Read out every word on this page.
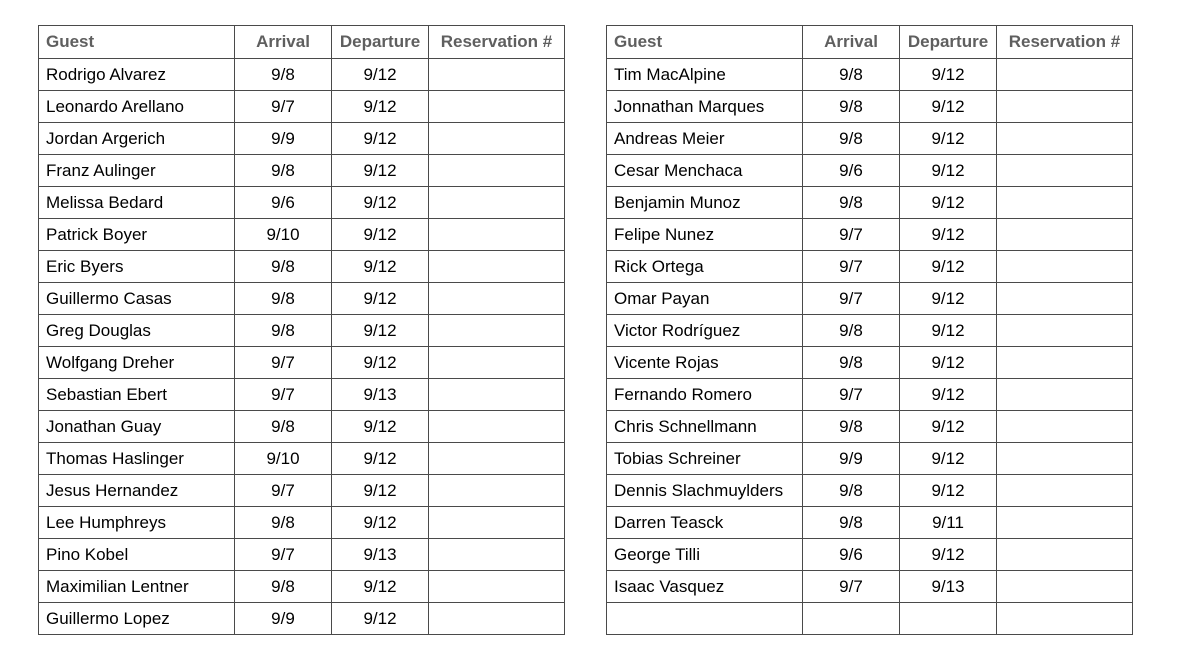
Guest	Arrival	Departure	Reservation #
Rodrigo Alvarez	9/8	9/12	
Leonardo Arellano	9/7	9/12	
Jordan Argerich	9/9	9/12	
Franz Aulinger	9/8	9/12	
Melissa Bedard	9/6	9/12	
Patrick Boyer	9/10	9/12	
Eric Byers	9/8	9/12	
Guillermo Casas	9/8	9/12	
Greg Douglas	9/8	9/12	
Wolfgang Dreher	9/7	9/12	
Sebastian Ebert	9/7	9/13	
Jonathan Guay	9/8	9/12	
Thomas Haslinger	9/10	9/12	
Jesus Hernandez	9/7	9/12	
Lee Humphreys	9/8	9/12	
Pino Kobel	9/7	9/13	
Maximilian Lentner	9/8	9/12	
Guillermo Lopez	9/9	9/12	
Guest	Arrival	Departure	Reservation #
Tim MacAlpine	9/8	9/12	
Jonnathan Marques	9/8	9/12	
Andreas Meier	9/8	9/12	
Cesar Menchaca	9/6	9/12	
Benjamin Munoz	9/8	9/12	
Felipe Nunez	9/7	9/12	
Rick Ortega	9/7	9/12	
Omar Payan	9/7	9/12	
Victor Rodríguez	9/8	9/12	
Vicente Rojas	9/8	9/12	
Fernando Romero	9/7	9/12	
Chris Schnellmann	9/8	9/12	
Tobias Schreiner	9/9	9/12	
Dennis Slachmuylders	9/8	9/12	
Darren Teasck	9/8	9/11	
George Tilli	9/6	9/12	
Isaac Vasquez	9/7	9/13	
